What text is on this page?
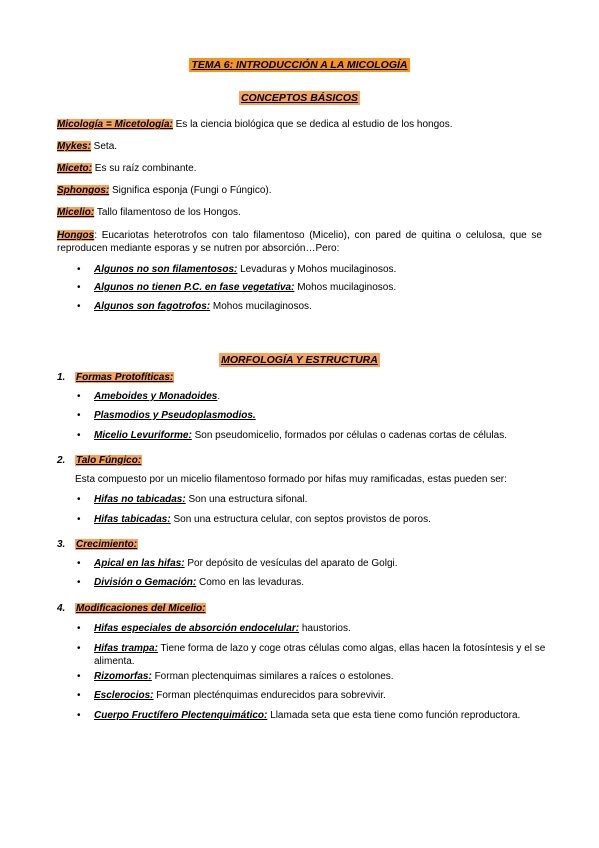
TEMA 6: INTRODUCCIÓN A LA MICOLOGÍA
CONCEPTOS BÁSICOS
Micología = Micetología: Es la ciencia biológica que se dedica al estudio de los hongos.
Mykes: Seta.
Miceto: Es su raíz combinante.
Sphongos: Significa esponja (Fungi o Fúngico).
Micelio: Tallo filamentoso de los Hongos.
Hongos: Eucariotas heterotrofos con talo filamentoso (Micelio), con pared de quitina o celulosa, que se reproducen mediante esporas y se nutren por absorción…Pero:
• Algunos no son filamentosos: Levaduras y Mohos mucilaginosos.
• Algunos no tienen P.C. en fase vegetativa: Mohos mucilaginosos.
• Algunos son fagotrofos: Mohos mucilaginosos.
MORFOLOGÍA Y ESTRUCTURA
1. Formas Protofíticas:
• Ameboides y Monadoides.
• Plasmodios y Pseudoplasmodios.
• Micelio Levuriforme: Son pseudomicelio, formados por células o cadenas cortas de células.
2. Talo Fúngico:
Esta compuesto por un micelio filamentoso formado por hifas muy ramificadas, estas pueden ser:
• Hifas no tabicadas: Son una estructura sifonal.
• Hifas tabicadas: Son una estructura celular, con septos provistos de poros.
3. Crecimiento:
• Apical en las hifas: Por depósito de vesículas del aparato de Golgi.
• División o Gemación: Como en las levaduras.
4. Modificaciones del Micelio:
• Hifas especiales de absorción endocelular: haustorios.
• Hifas trampa: Tiene forma de lazo y coge otras células como algas, ellas hacen la fotosíntesis y el se alimenta.
• Rizomorfas: Forman plectenquimas similares a raíces o estolones.
• Esclerocios: Forman plecténquimas endurecidos para sobrevivir.
• Cuerpo Fructífero Plectenquimático: Llamada seta que esta tiene como función reproductora.
